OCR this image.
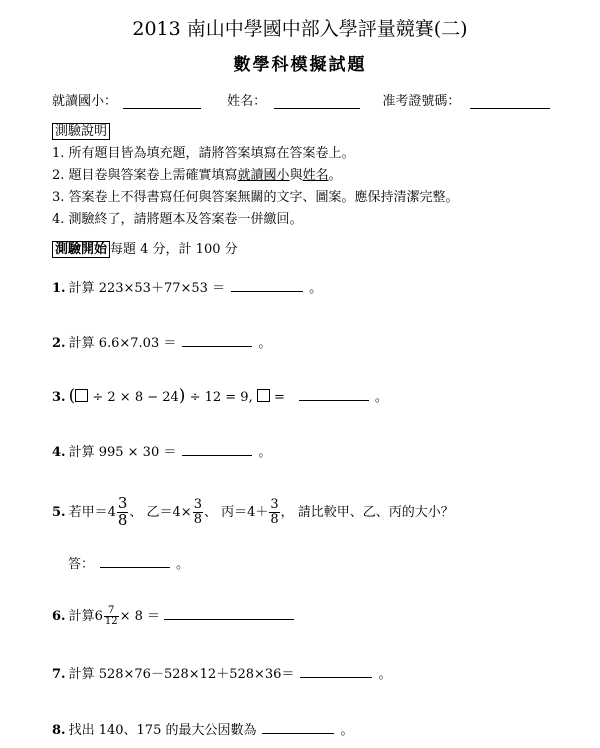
2013 南山中學國中部入學評量競賽(二)
數學科模擬試題
就讀國小：	姓名：	准考證號碼：
測驗說明
1. 所有題目皆為填充題，請將答案填寫在答案卷上。
2. 題目卷與答案卷上需確實填寫就讀國小與姓名。
3. 答案卷上不得書寫任何與答案無關的文字、圖案。應保持清潔完整。
4. 測驗終了，請將題本及答案卷一併繳回。
測驗開始 每題 4 分，計 100 分
1. 計算 223×53＋77×53 ＝	。
2. 計算 6.6×7.03 ＝	。
3. ( ÷ 2 × 8 − 24) ÷ 12 = 9, =	。
4. 計算 995 × 30 ＝	。
5. 若甲$=4 \frac{3}{8}$ 、 乙$=4\times \frac{3}{8}$ 、 丙$=4+ \frac{3}{8}$ ， 請比較甲、乙、丙的大小？
答：	。
6. 計算$6 \frac{7}{12} \times 8$ ＝
7. 計算 528×76－528×12＋528×36＝	。
8. 找出 140、175 的最大公因數為	。
